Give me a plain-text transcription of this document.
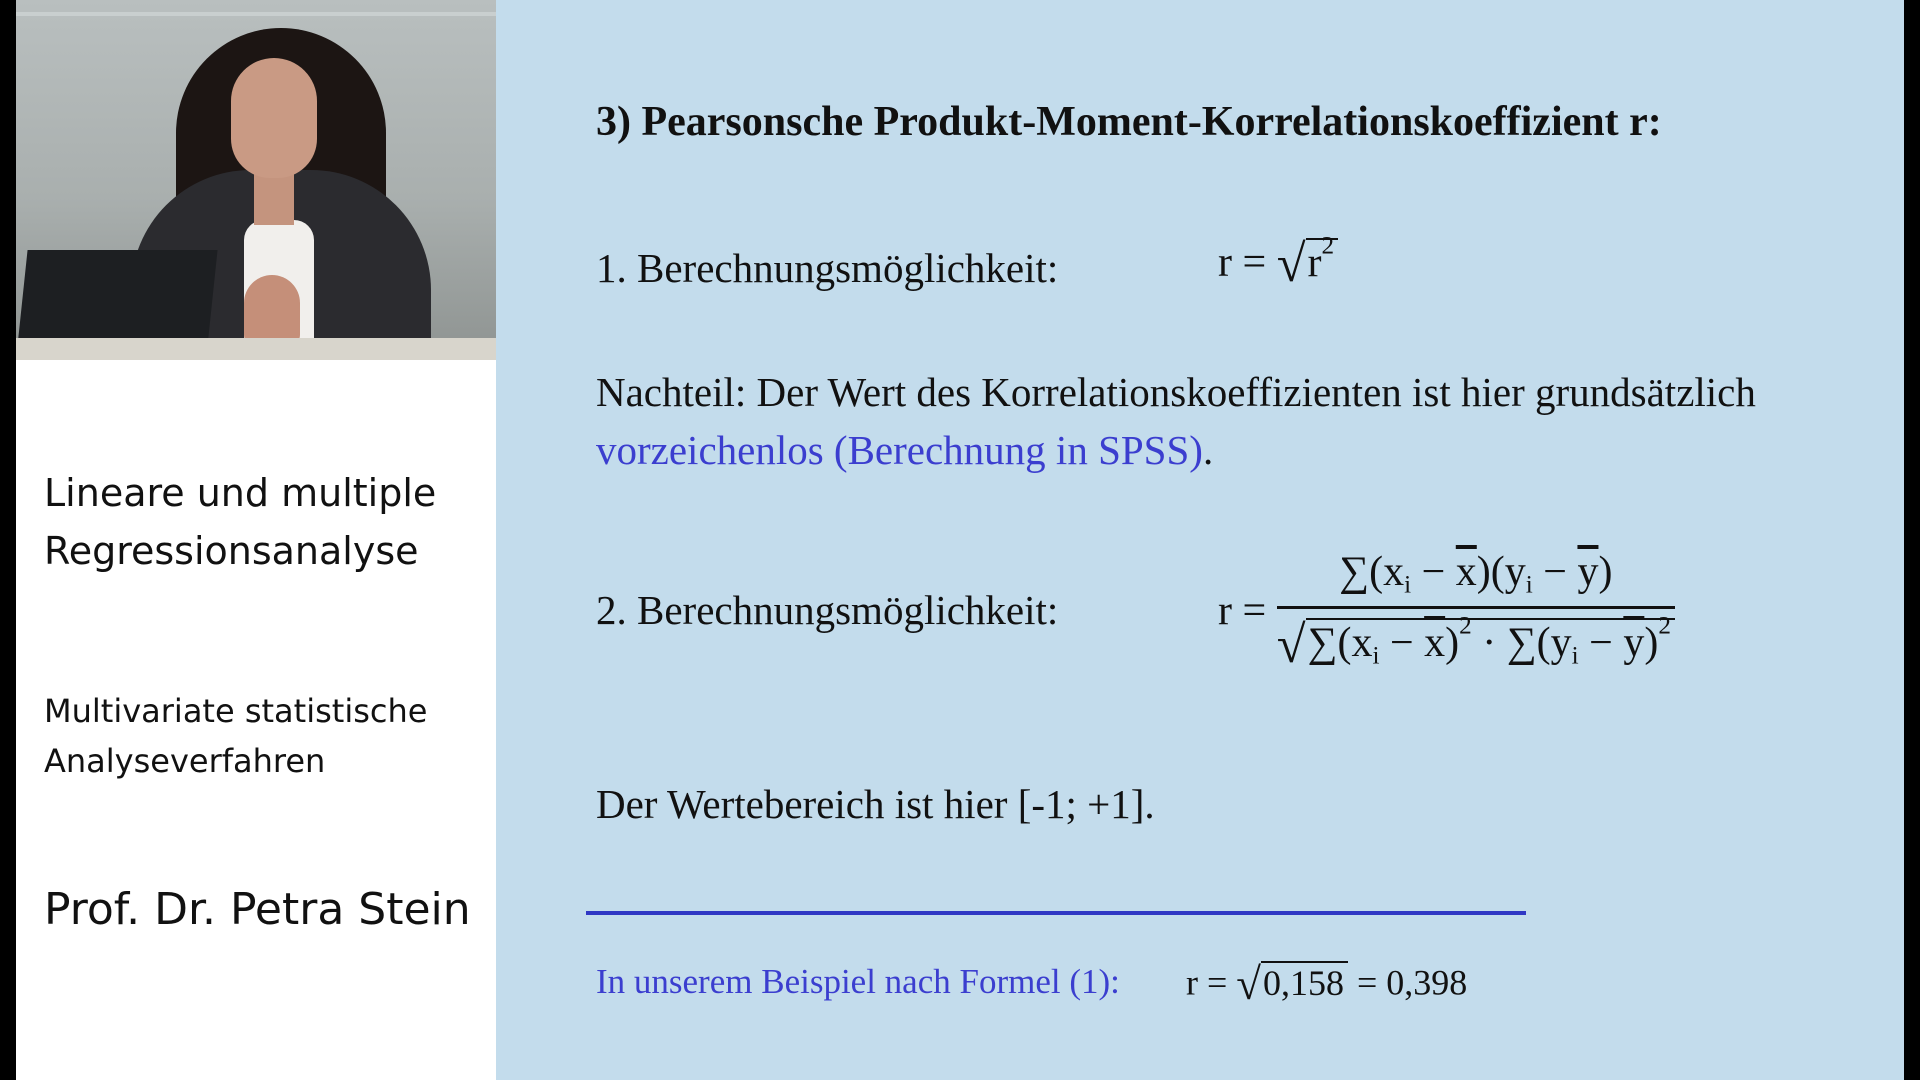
Lineare und multiple Regressionsanalyse
Multivariate statistische Analyseverfahren
Prof. Dr. Petra Stein
3) Pearsonsche Produkt-Moment-Korrelationskoeffizient r:
1. Berechnungsmöglichkeit:	$r = √r^2$
Nachteil: Der Wert des Korrelationskoeffizienten ist hier grundsätzlich
vorzeichenlos (Berechnung in SPSS).
2. Berechnungsmöglichkeit:	$r = \frac{\sum(x_i - \overline{x})(y_i - \overline{y})}{√\sum(x_i - \overline{x})^2 \cdot \sum(y_i - \overline{y})^2}$
Der Wertebereich ist hier [-1; +1].
In unserem Beispiel nach Formel (1): r = √0,158 = 0,398
